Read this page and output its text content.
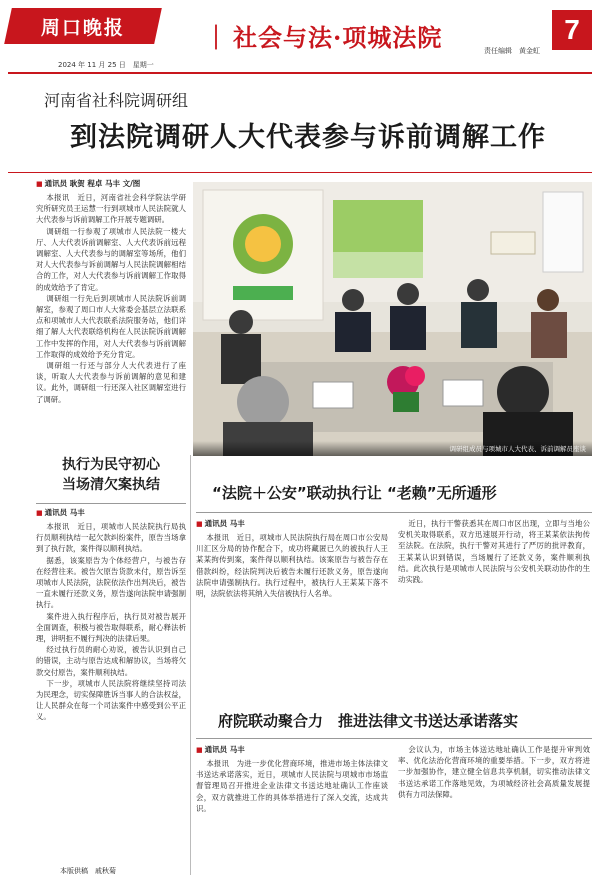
周口晚报	｜ 社会与法·项城法院	责任编辑　黄金虹
7
2024 年 11 月 25 日　星期一
河南省社科院调研组
到法院调研人大代表参与诉前调解工作
■ 通讯员 耿贺 程卓 马丰 文/图

本报讯　近日，河南省社会科学院法学研究所研究员王运慧一行到项城市人民法院就人大代表参与诉前调解工作开展专题调研。

调研组一行参观了项城市人民法院一楼大厅、人大代表诉前调解室、人大代表诉前远程调解室、人大代表参与的调解室等场所，他们对人大代表参与诉前调解与人民法院调解相结合的工作，对人大代表参与诉前调解工作取得的成效给予了肯定。

调研组一行先后到项城市人民法院诉前调解室，参观了周口市人大常委会基层立法联系点和项城市人大代表联系法院服务站，他们详细了解人大代表联络机构在人民法院诉前调解工作中发挥的作用，对人大代表参与诉前调解工作取得的成效给予充分肯定。

调研组一行还与部分人大代表进行了座谈，听取人大代表参与诉前调解的意见和建议。此外，调研组一行还深入社区调解室进行了调研。

调研组成员与项城市人大代表、诉前调解员座谈
执行为民守初心
当场清欠案执结
■ 通讯员 马丰

本报讯　近日，项城市人民法院执行局执行员顺利执结一起欠款纠纷案件，原告当场拿到了执行款，案件得以顺利执结。

据悉，该案原告为个体经营户，与被告存在经营往来。被告欠原告货款未付，原告诉至项城市人民法院，法院依法作出判决后，被告一直未履行还款义务，原告遂向法院申请强制执行。

案件进入执行程序后，执行员对被告展开全面调查，积极与被告取得联系，耐心释法析理，讲明拒不履行判决的法律后果。

经过执行员的耐心劝说，被告认识到自己的错误，主动与原告达成和解协议，当场将欠款交付原告，案件顺利执结。

下一步，项城市人民法院将继续坚持司法为民理念，切实保障胜诉当事人的合法权益，让人民群众在每一个司法案件中感受到公平正义。

本版供稿　戚秋菊
“法院＋公安”联动执行让 “老赖”无所遁形
■ 通讯员 马丰

本报讯　近日，项城市人民法院执行局在周口市公安局川汇区分局的协作配合下，成功将藏匿已久的被执行人王某某拘传到案，案件得以顺利执结。该案原告与被告存在借款纠纷，经法院判决后被告未履行还款义务，原告遂向法院申请强制执行。执行过程中，被执行人王某某下落不明，法院依法将其纳入失信被执行人名单。

近日，执行干警获悉其在周口市区出现，立即与当地公安机关取得联系，双方迅速展开行动，将王某某依法拘传至法院。在法院，执行干警对其进行了严厉的批评教育，王某某认识到错误，当场履行了还款义务，案件顺利执结。此次执行是项城市人民法院与公安机关联动协作的生动实践。

府院联动聚合力　推进法律文书送达承诺落实
■ 通讯员 马丰

本报讯　为进一步优化营商环境，推进市场主体法律文书送达承诺落实，近日，项城市人民法院与项城市市场监督管理局召开推进企业法律文书送达地址确认工作座谈会，双方就推进工作的具体举措进行了深入交流，达成共识。

会议认为，市场主体送达地址确认工作是提升审判效率、优化法治化营商环境的重要举措。下一步，双方将进一步加强协作，建立健全信息共享机制，切实推动法律文书送达承诺工作落地见效，为项城经济社会高质量发展提供有力司法保障。
